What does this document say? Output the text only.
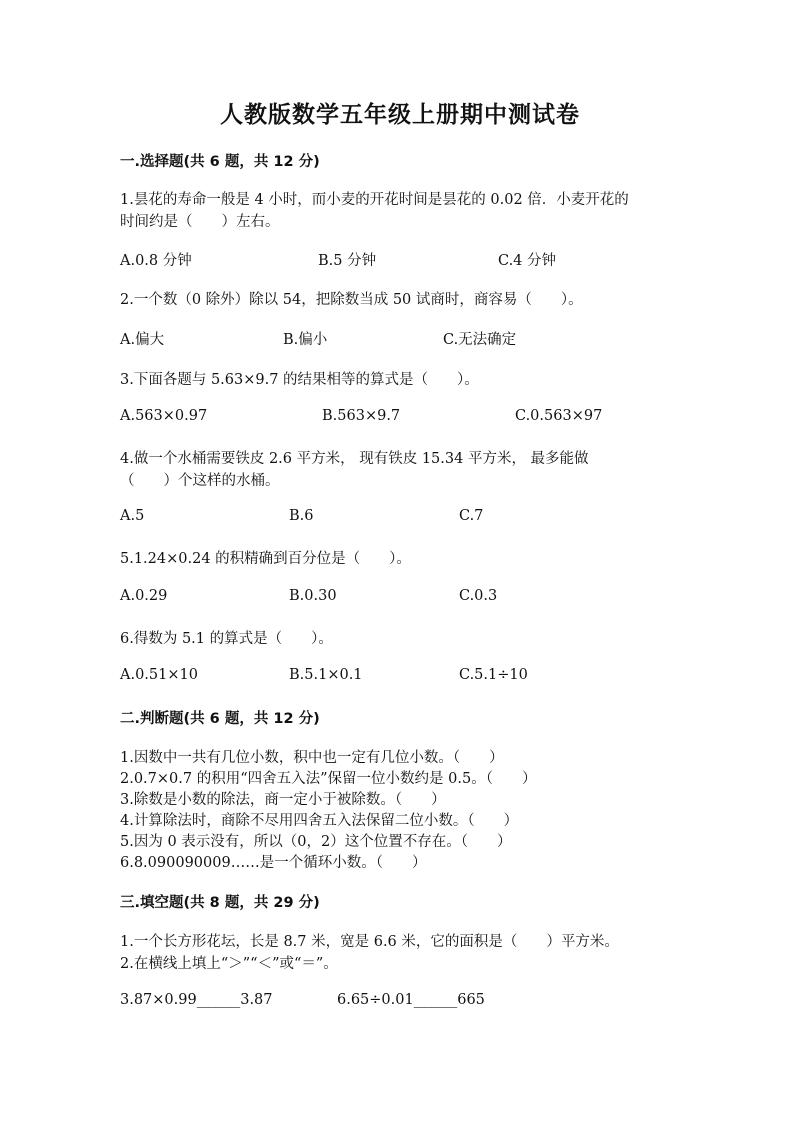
人教版数学五年级上册期中测试卷
一.选择题(共 6 题，共 12 分)
1.昙花的寿命一般是 4 小时，而小麦的开花时间是昙花的 0.02 倍．小麦开花的
时间约是（　　）左右。
A.0.8 分钟	B.5 分钟	C.4 分钟
2.一个数（0 除外）除以 54，把除数当成 50 试商时，商容易（　　）。
A.偏大	B.偏小	C.无法确定
3.下面各题与 5.63×9.7 的结果相等的算式是（　　）。
A.563×0.97	B.563×9.7	C.0.563×97
4.做一个水桶需要铁皮 2.6 平方米， 现有铁皮 15.34 平方米， 最多能做
（　　）个这样的水桶。
A.5	B.6	C.7
5.1.24×0.24 的积精确到百分位是（　　）。
A.0.29	B.0.30	C.0.3
6.得数为 5.1 的算式是（　　）。
A.0.51×10	B.5.1×0.1	C.5.1÷10
二.判断题(共 6 题，共 12 分)
1.因数中一共有几位小数，积中也一定有几位小数。（　　）
2.0.7×0.7 的积用“四舍五入法”保留一位小数约是 0.5。（　　）
3.除数是小数的除法，商一定小于被除数。（　　）
4.计算除法时，商除不尽用四舍五入法保留二位小数。（　　）
5.因为 0 表示没有，所以（0，2）这个位置不存在。（　　）
6.8.090090009……是一个循环小数。（　　）
三.填空题(共 8 题，共 29 分)
1.一个长方形花坛，长是 8.7 米，宽是 6.6 米，它的面积是（　　）平方米。
2.在横线上填上“＞”“＜”或“＝”。
3.87×0.99______3.87	6.65÷0.01______665
